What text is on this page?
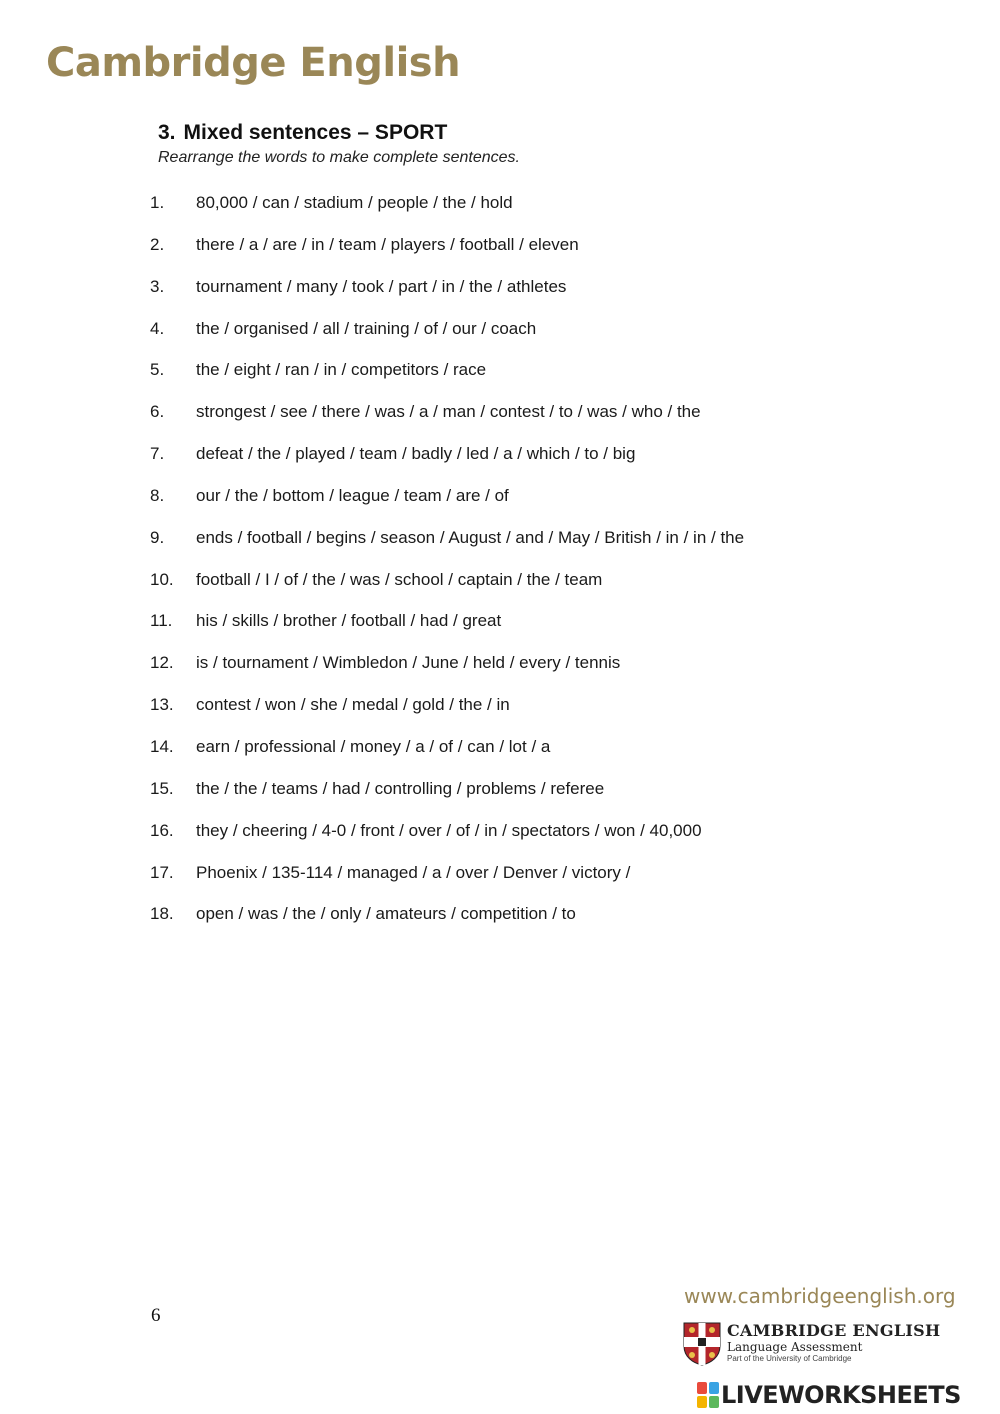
Cambridge English
3. Mixed sentences – SPORT
Rearrange the words to make complete sentences.
1. 80,000 / can / stadium / people / the / hold
2. there / a / are / in / team / players / football / eleven
3. tournament / many / took / part / in / the / athletes
4. the / organised / all / training / of / our / coach
5. the / eight / ran / in / competitors / race
6. strongest / see / there / was / a / man / contest / to / was / who / the
7. defeat / the / played / team / badly / led / a / which / to / big
8. our / the / bottom / league / team / are / of
9. ends / football / begins / season / August / and / May / British / in / in / the
10. football / I / of / the / was / school / captain / the / team
11. his / skills / brother / football / had / great
12. is / tournament / Wimbledon / June / held / every / tennis
13. contest / won / she / medal / gold / the / in
14. earn / professional / money / a / of / can / lot / a
15. the / the / teams / had / controlling / problems / referee
16. they / cheering / 4-0 / front / over / of / in / spectators / won / 40,000
17. Phoenix / 135-114 / managed / a / over / Denver / victory /
18. open / was / the / only / amateurs / competition / to
6
www.cambridgeenglish.org
CAMBRIDGE ENGLISH
Language Assessment
Part of the University of Cambridge
LIVEWORKSHEETS
